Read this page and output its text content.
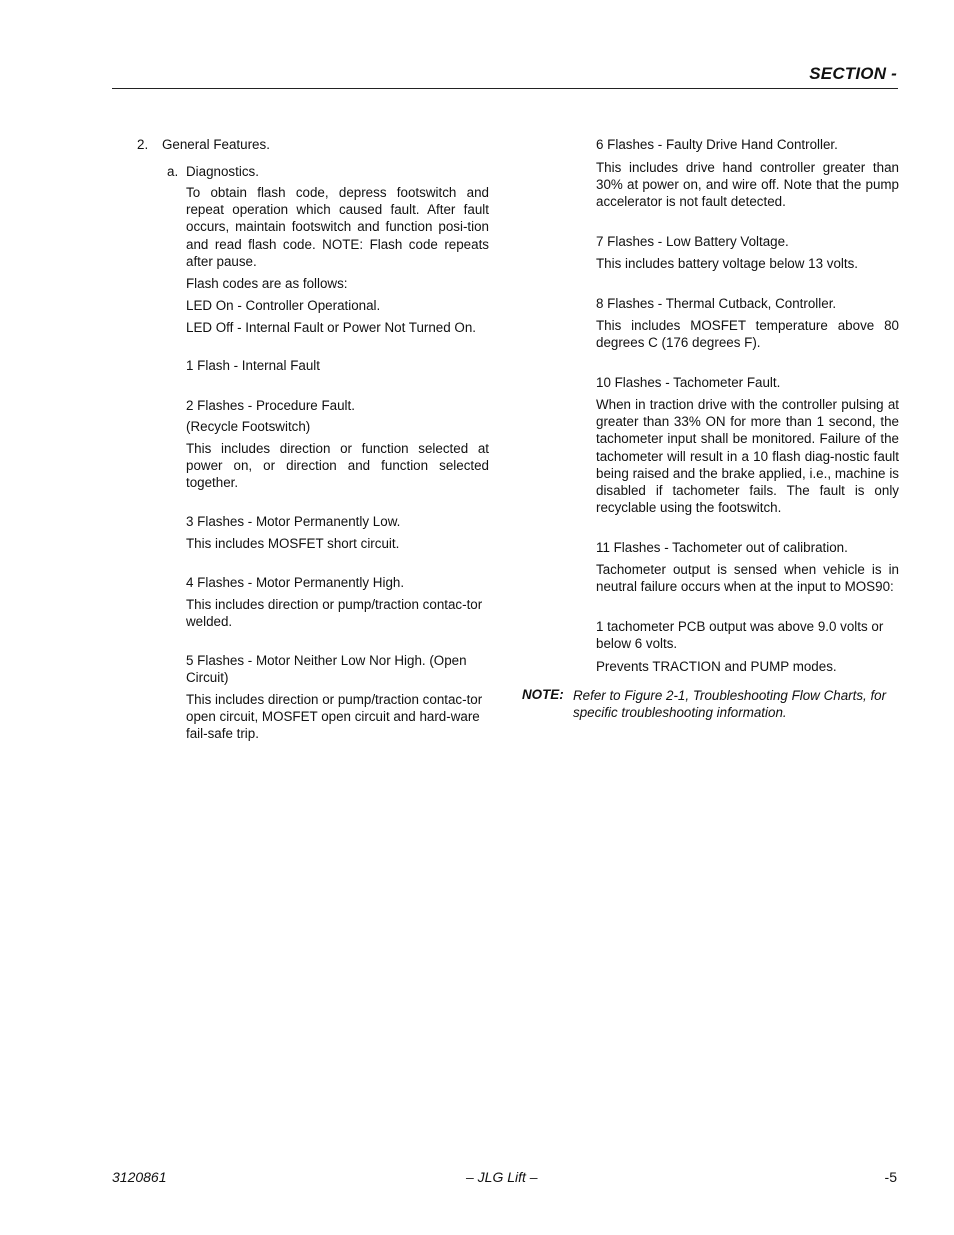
SECTION -
2. General Features.
a. Diagnostics.
To obtain flash code, depress footswitch and repeat operation which caused fault. After fault occurs, maintain footswitch and function posi-tion and read flash code. NOTE: Flash code repeats after pause.
Flash codes are as follows:
LED On - Controller Operational.
LED Off - Internal Fault or Power Not Turned On.
1 Flash - Internal Fault
2 Flashes - Procedure Fault.
(Recycle Footswitch)
This includes direction or function selected at power on, or direction and function selected together.
3 Flashes - Motor Permanently Low.
This includes MOSFET short circuit.
4 Flashes - Motor Permanently High.
This includes direction or pump/traction contac-tor welded.
5 Flashes - Motor Neither Low Nor High. (Open Circuit)
This includes direction or pump/traction contac-tor open circuit, MOSFET open circuit and hard-ware fail-safe trip.
6 Flashes - Faulty Drive Hand Controller.
This includes drive hand controller greater than 30% at power on, and wire off. Note that the pump accelerator is not fault detected.
7 Flashes - Low Battery Voltage.
This includes battery voltage below 13 volts.
8 Flashes - Thermal Cutback, Controller.
This includes MOSFET temperature above 80 degrees C (176 degrees F).
10 Flashes - Tachometer Fault.
When in traction drive with the controller pulsing at greater than 33% ON for more than 1 second, the tachometer input shall be monitored. Failure of the tachometer will result in a 10 flash diag-nostic fault being raised and the brake applied, i.e., machine is disabled if tachometer fails. The fault is only recyclable using the footswitch.
11 Flashes - Tachometer out of calibration.
Tachometer output is sensed when vehicle is in neutral failure occurs when at the input to MOS90:
1 tachometer PCB output was above 9.0 volts or below 6 volts.
Prevents TRACTION and PUMP modes.
NOTE: Refer to Figure 2-1, Troubleshooting Flow Charts, for specific troubleshooting information.
3120861	– JLG Lift –	-5
